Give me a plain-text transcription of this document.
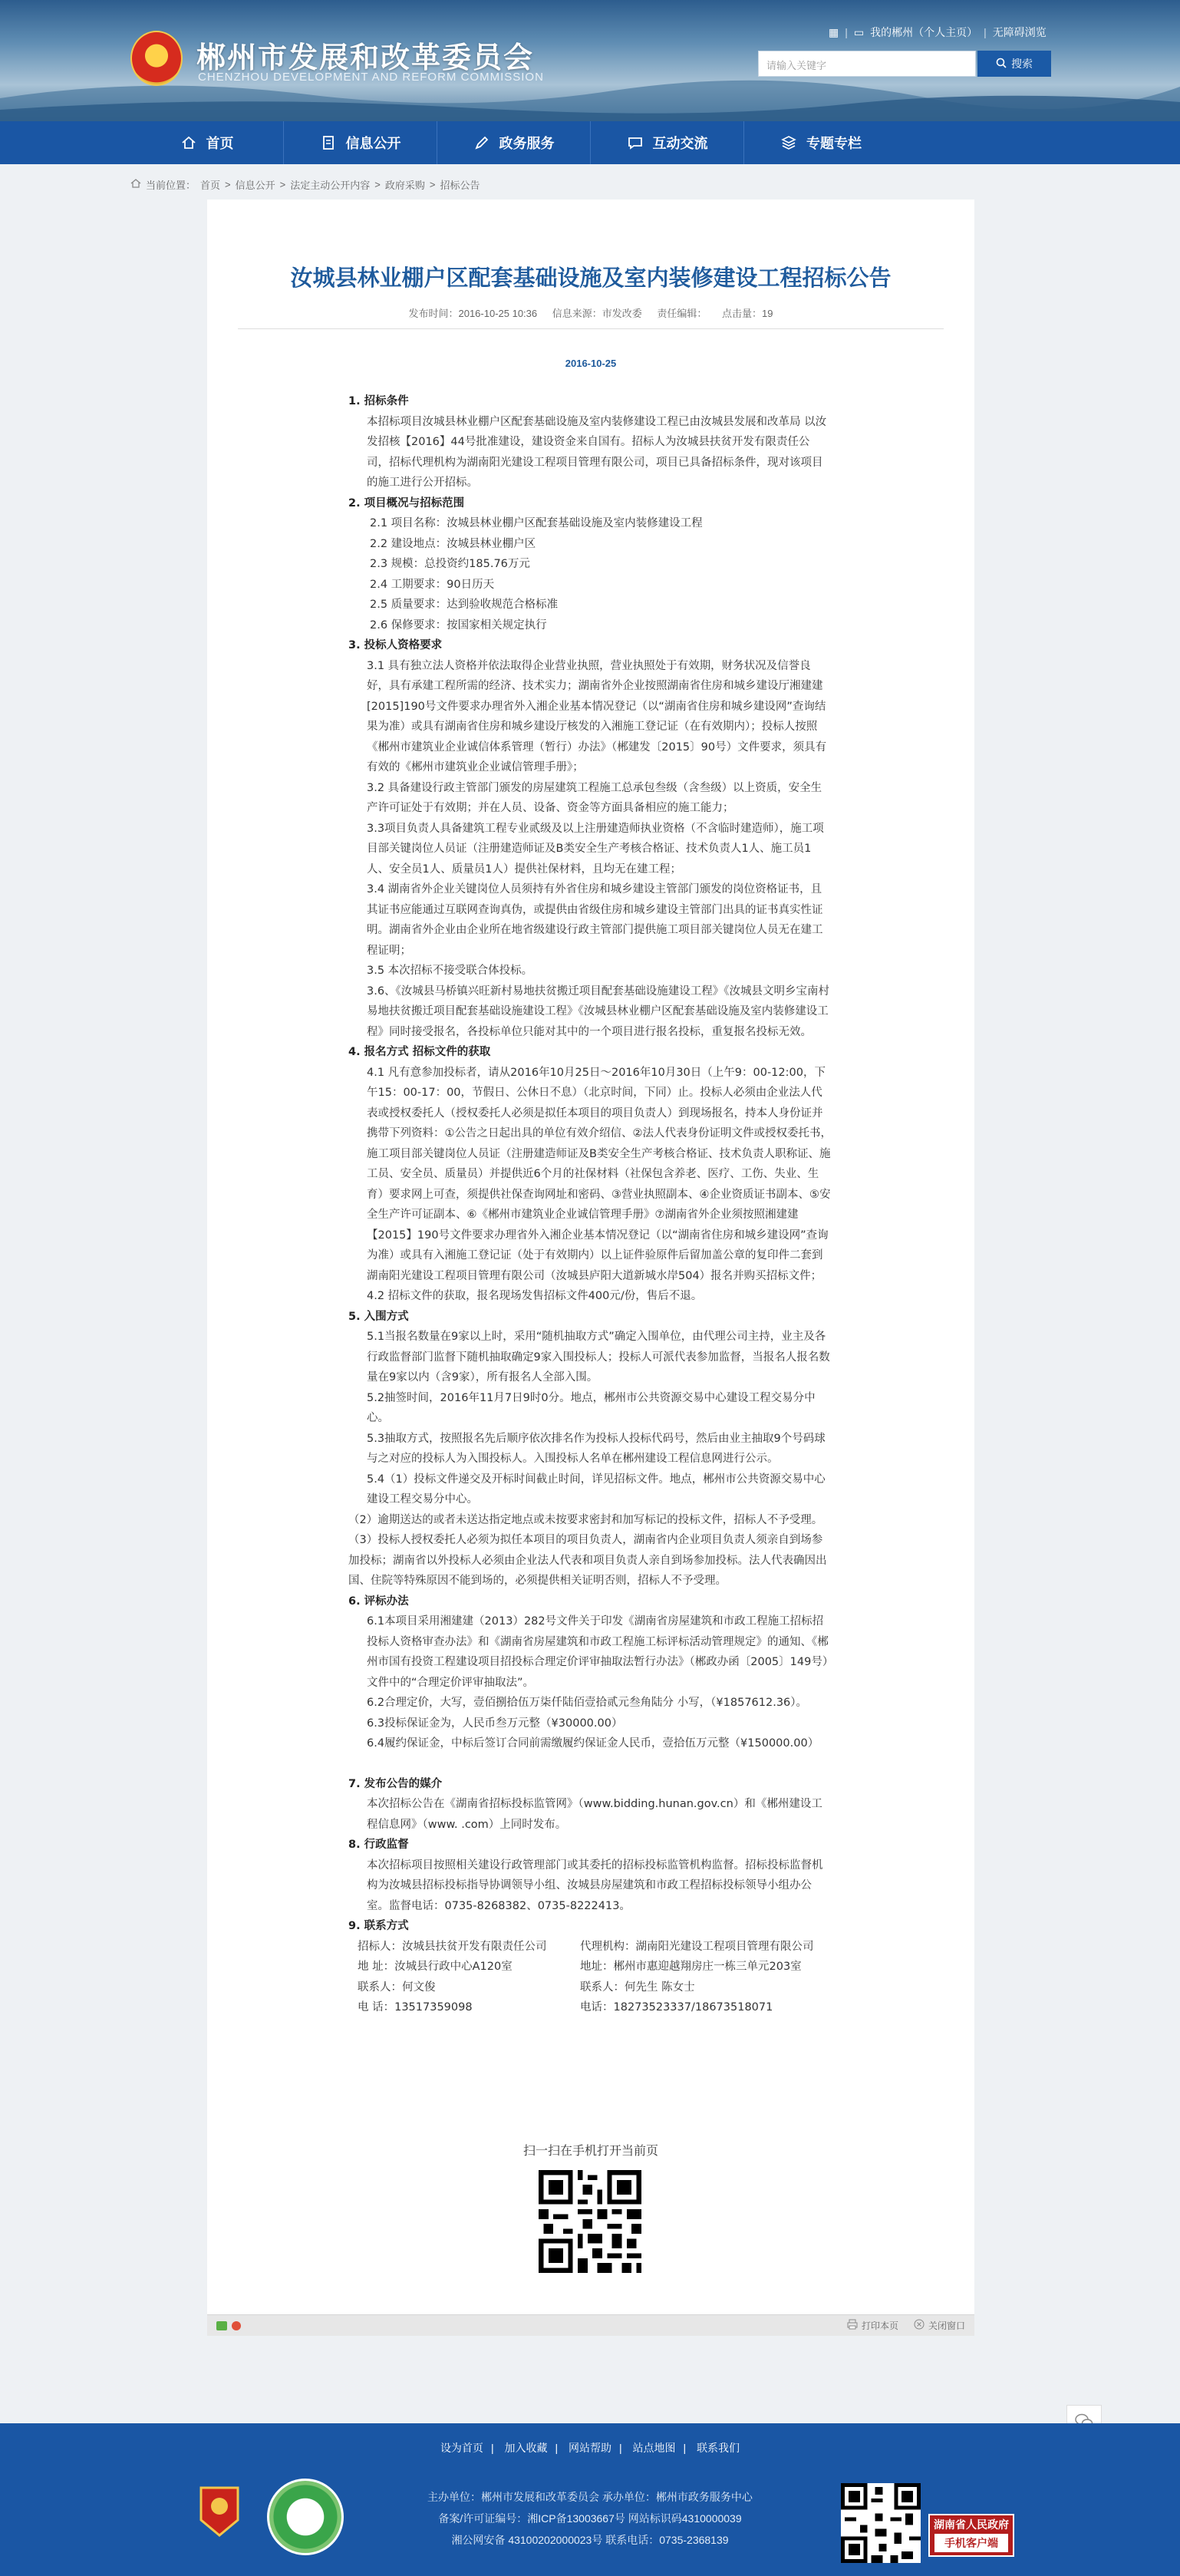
郴州市发展和改革委员会
CHENZHOU DEVELOPMENT AND REFORM COMMISSION
▦ | ▭ 我的郴州（个人主页） | 无障碍浏览
请输入关键字	搜索
首页	信息公开	政务服务	互动交流	专题专栏
当前位置： 首页 > 信息公开 > 法定主动公开内容 > 政府采购 > 招标公告
汝城县林业棚户区配套基础设施及室内装修建设工程招标公告
发布时间：2016-10-25 10:36 信息来源：市发改委 责任编辑： 点击量：19
2016-10-25

1. 招标条件

本招标项目汝城县林业棚户区配套基础设施及室内装修建设工程已由汝城县发展和改革局 以汝发招核【2016】44号批准建设，建设资金来自国有。招标人为汝城县扶贫开发有限责任公司，招标代理机构为湖南阳光建设工程项目管理有限公司，项目已具备招标条件，现对该项目的施工进行公开招标。

2. 项目概况与招标范围

2.1 项目名称：汝城县林业棚户区配套基础设施及室内装修建设工程

2.2 建设地点：汝城县林业棚户区

2.3 规模：总投资约185.76万元

2.4 工期要求：90日历天

2.5 质量要求：达到验收规范合格标准

2.6 保修要求：按国家相关规定执行

3. 投标人资格要求

3.1 具有独立法人资格并依法取得企业营业执照，营业执照处于有效期，财务状况及信誉良好，具有承建工程所需的经济、技术实力；湖南省外企业按照湖南省住房和城乡建设厅湘建建[2015]190号文件要求办理省外入湘企业基本情况登记（以“湖南省住房和城乡建设网”查询结果为准）或具有湖南省住房和城乡建设厅核发的入湘施工登记证（在有效期内）；投标人按照《郴州市建筑业企业诚信体系管理（暂行）办法》（郴建发〔2015〕90号）文件要求，须具有有效的《郴州市建筑业企业诚信管理手册》；

3.2 具备建设行政主管部门颁发的房屋建筑工程施工总承包叁级（含叁级）以上资质，安全生产许可证处于有效期；并在人员、设备、资金等方面具备相应的施工能力；

3.3项目负责人具备建筑工程专业贰级及以上注册建造师执业资格（不含临时建造师），施工项目部关键岗位人员证（注册建造师证及B类安全生产考核合格证、技术负责人1人、施工员1人、安全员1人、质量员1人）提供社保材料，且均无在建工程；

3.4 湖南省外企业关键岗位人员须持有外省住房和城乡建设主管部门颁发的岗位资格证书，且其证书应能通过互联网查询真伪，或提供由省级住房和城乡建设主管部门出具的证书真实性证明。湖南省外企业由企业所在地省级建设行政主管部门提供施工项目部关键岗位人员无在建工程证明；

3.5 本次招标不接受联合体投标。

3.6、《汝城县马桥镇兴旺新村易地扶贫搬迁项目配套基础设施建设工程》《汝城县文明乡宝南村易地扶贫搬迁项目配套基础设施建设工程》《汝城县林业棚户区配套基础设施及室内装修建设工程》同时接受报名，各投标单位只能对其中的一个项目进行报名投标，重复报名投标无效。

4. 报名方式 招标文件的获取

4.1 凡有意参加投标者，请从2016年10月25日～2016年10月30日（上午9：00-12:00，下午15：00-17：00，节假日、公休日不息）（北京时间，下同）止。投标人必须由企业法人代表或授权委托人（授权委托人必须是拟任本项目的项目负责人）到现场报名，持本人身份证并携带下列资料：①公告之日起出具的单位有效介绍信、②法人代表身份证明文件或授权委托书，施工项目部关键岗位人员证（注册建造师证及B类安全生产考核合格证、技术负责人职称证、施工员、安全员、质量员）并提供近6个月的社保材料（社保包含养老、医疗、工伤、失业、生育）要求网上可查，须提供社保查询网址和密码、③营业执照副本、④企业资质证书副本、⑤安全生产许可证副本、⑥《郴州市建筑业企业诚信管理手册》⑦湖南省外企业须按照湘建建【2015】190号文件要求办理省外入湘企业基本情况登记（以“湖南省住房和城乡建设网”查询为准）或具有入湘施工登记证（处于有效期内）以上证件验原件后留加盖公章的复印件二套到湖南阳光建设工程项目管理有限公司（汝城县庐阳大道新城水岸504）报名并购买招标文件；

4.2 招标文件的获取，报名现场发售招标文件400元/份，售后不退。

5. 入围方式

5.1当报名数量在9家以上时，采用“随机抽取方式”确定入围单位，由代理公司主持，业主及各行政监督部门监督下随机抽取确定9家入围投标人；投标人可派代表参加监督，当报名人报名数量在9家以内（含9家），所有报名人全部入围。

5.2抽签时间，2016年11月7日9时0分。地点，郴州市公共资源交易中心建设工程交易分中心。

5.3抽取方式，按照报名先后顺序依次排名作为投标人投标代码号，然后由业主抽取9个号码球与之对应的投标人为入围投标人。入围投标人名单在郴州建设工程信息网进行公示。

5.4（1）投标文件递交及开标时间截止时间，详见招标文件。地点，郴州市公共资源交易中心建设工程交易分中心。

（2）逾期送达的或者未送达指定地点或未按要求密封和加写标记的投标文件，招标人不予受理。（3）投标人授权委托人必须为拟任本项目的项目负责人，湖南省内企业项目负责人须亲自到场参加投标；湖南省以外投标人必须由企业法人代表和项目负责人亲自到场参加投标。法人代表确因出国、住院等特殊原因不能到场的，必须提供相关证明否则，招标人不予受理。

6. 评标办法

6.1本项目采用湘建建（2013）282号文件关于印发《湖南省房屋建筑和市政工程施工招标招投标人资格审查办法》和《湖南省房屋建筑和市政工程施工标评标活动管理规定》的通知、《郴州市国有投资工程建设项目招投标合理定价评审抽取法暂行办法》（郴政办函〔2005〕149号）文件中的“合理定价评审抽取法”。

6.2合理定价，大写，壹佰捌拾伍万柒仟陆佰壹拾贰元叁角陆分 小写，（¥1857612.36）。

6.3投标保证金为，人民币叁万元整（¥30000.00）

6.4履约保证金，中标后签订合同前需缴履约保证金人民币，壹拾伍万元整（¥150000.00）

7. 发布公告的媒介

本次招标公告在《湖南省招标投标监管网》（www.bidding.hunan.gov.cn）和《郴州建设工程信息网》（www. .com）上同时发布。

8. 行政监督

本次招标项目按照相关建设行政管理部门或其委托的招标投标监管机构监督。招标投标监督机构为汝城县招标投标指导协调领导小组、汝城县房屋建筑和市政工程招标投标领导小组办公室。监督电话：0735-8268382、0735-8222413。

9. 联系方式

招标人：汝城县扶贫开发有限责任公司	代理机构：湖南阳光建设工程项目管理有限公司
地 址：汝城县行政中心A120室	地址：郴州市惠迎越翔房庄一栋三单元203室
联系人：何文俊	联系人：何先生 陈女士
电 话：13517359098	电话：18273523337/18673518071
扫一扫在手机打开当前页
打印本页	关闭窗口
设为首页 | 加入收藏 | 网站帮助 | 站点地图 | 联系我们
主办单位：郴州市发展和改革委员会 承办单位：郴州市政务服务中心
备案/许可证编号：湘ICP备13003667号 网站标识码4310000039
湘公网安备 43100202000023号 联系电话：0735-2368139
湖南省人民政府
手机客户端
